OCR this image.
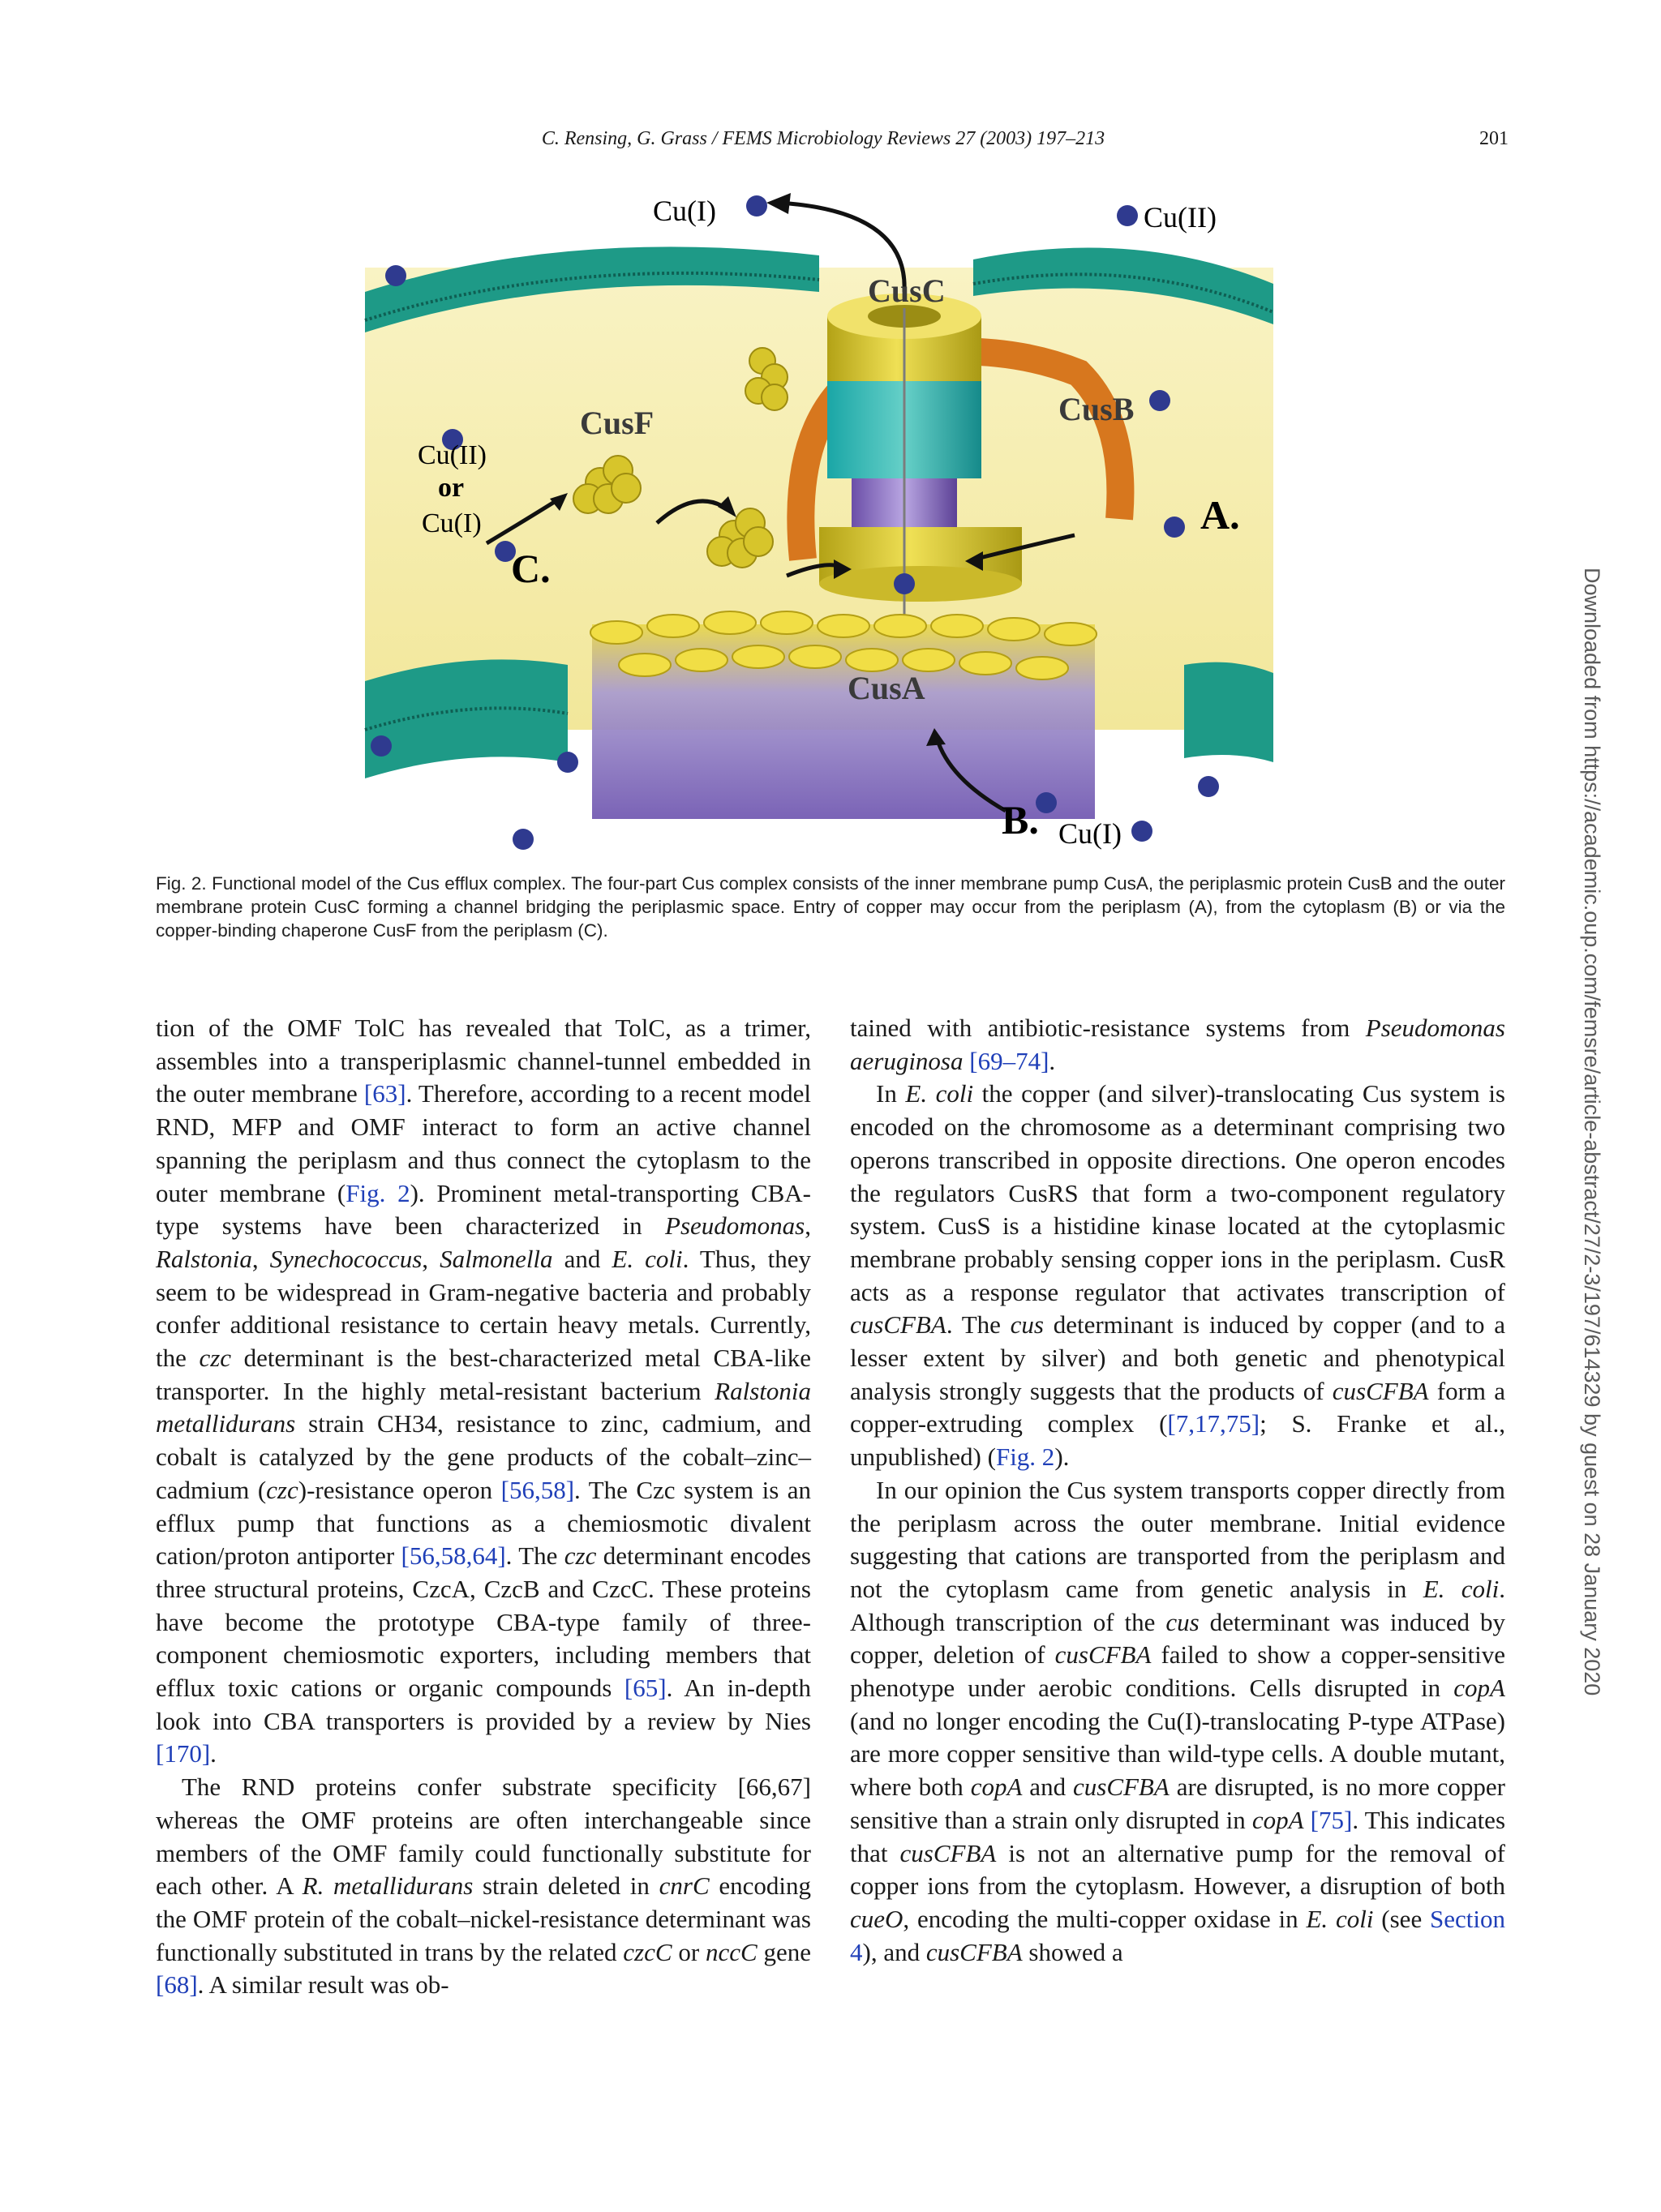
C. Rensing, G. Grass / FEMS Microbiology Reviews 27 (2003) 197–213	201
Cu(I)	Cu(II)
CusC
CusB
CusF
CusA
Cu(II)
or
Cu(I)	A.
B.
C.
Cu(I)
Fig. 2. Functional model of the Cus efflux complex. The four-part Cus complex consists of the inner membrane pump CusA, the periplasmic protein CusB and the outer membrane protein CusC forming a channel bridging the periplasmic space. Entry of copper may occur from the periplasm (A), from the cytoplasm (B) or via the copper-binding chaperone CusF from the periplasm (C).

tion of the OMF TolC has revealed that TolC, as a trimer, assembles into a transperiplasmic channel-tunnel embedded in the outer membrane [63]. Therefore, according to a recent model RND, MFP and OMF interact to form an active channel spanning the periplasm and thus connect the cytoplasm to the outer membrane (Fig. 2). Prominent metal-transporting CBA-type systems have been characterized in Pseudomonas, Ralstonia, Synechococcus, Salmonella and E. coli. Thus, they seem to be widespread in Gram-negative bacteria and probably confer additional resistance to certain heavy metals. Currently, the czc determinant is the best-characterized metal CBA-like transporter. In the highly metal-resistant bacterium Ralstonia metallidurans strain CH34, resistance to zinc, cadmium, and cobalt is catalyzed by the gene products of the cobalt–zinc–cadmium (czc)-resistance operon [56,58]. The Czc system is an efflux pump that functions as a chemiosmotic divalent cation/proton antiporter [56,58,64]. The czc determinant encodes three structural proteins, CzcA, CzcB and CzcC. These proteins have become the prototype CBA-type family of three-component chemiosmotic exporters, including members that efflux toxic cations or organic compounds [65]. An in-depth look into CBA transporters is provided by a review by Nies [170].

The RND proteins confer substrate specificity [66,67] whereas the OMF proteins are often interchangeable since members of the OMF family could functionally substitute for each other. A R. metallidurans strain deleted in cnrC encoding the OMF protein of the cobalt–nickel-resistance determinant was functionally substituted in trans by the related czcC or nccC gene [68]. A similar result was ob-

tained with antibiotic-resistance systems from Pseudomonas aeruginosa [69–74].

In E. coli the copper (and silver)-translocating Cus system is encoded on the chromosome as a determinant comprising two operons transcribed in opposite directions. One operon encodes the regulators CusRS that form a two-component regulatory system. CusS is a histidine kinase located at the cytoplasmic membrane probably sensing copper ions in the periplasm. CusR acts as a response regulator that activates transcription of cusCFBA. The cus determinant is induced by copper (and to a lesser extent by silver) and both genetic and phenotypical analysis strongly suggests that the products of cusCFBA form a copper-extruding complex ([7,17,75]; S. Franke et al., unpublished) (Fig. 2).

In our opinion the Cus system transports copper directly from the periplasm across the outer membrane. Initial evidence suggesting that cations are transported from the periplasm and not the cytoplasm came from genetic analysis in E. coli. Although transcription of the cus determinant was induced by copper, deletion of cusCFBA failed to show a copper-sensitive phenotype under aerobic conditions. Cells disrupted in copA (and no longer encoding the Cu(I)-translocating P-type ATPase) are more copper sensitive than wild-type cells. A double mutant, where both copA and cusCFBA are disrupted, is no more copper sensitive than a strain only disrupted in copA [75]. This indicates that cusCFBA is not an alternative pump for the removal of copper ions from the cytoplasm. However, a disruption of both cueO, encoding the multi-copper oxidase in E. coli (see Section 4), and cusCFBA showed a

Downloaded from https://academic.oup.com/femsre/article-abstract/27/2-3/197/614329 by guest on 28 January 2020
